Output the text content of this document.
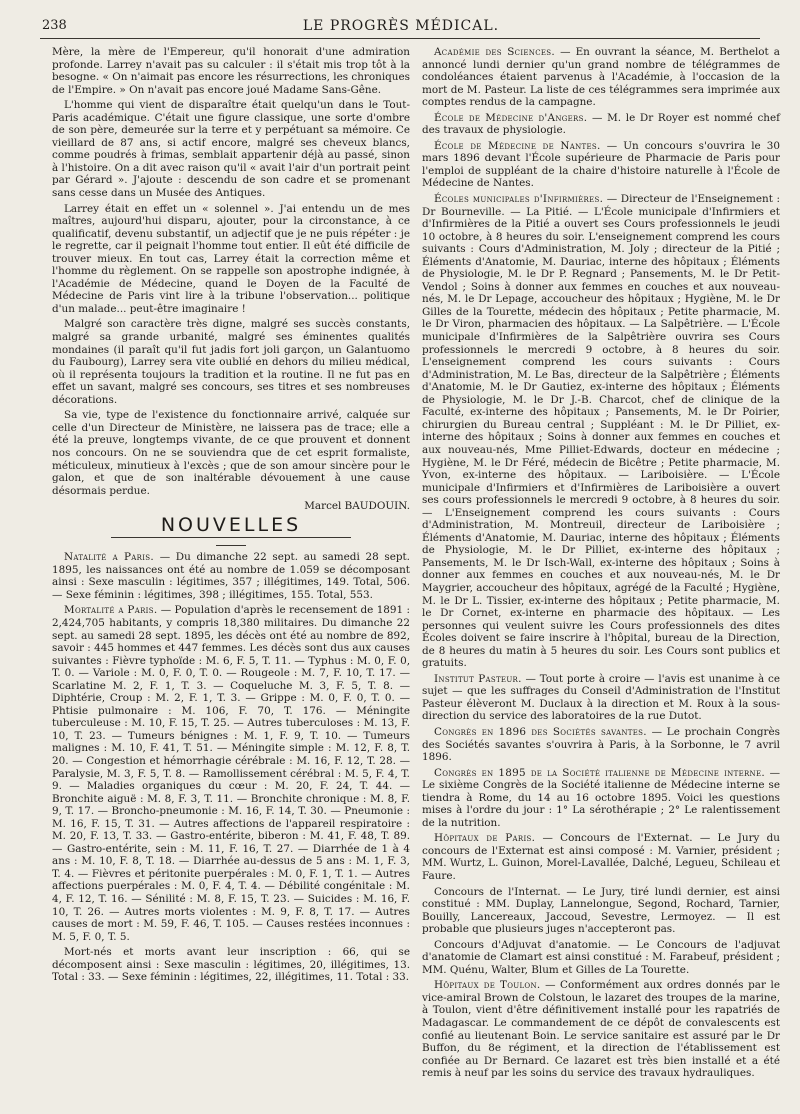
238	LE PROGRÈS MÉDICAL.

Mère, la mère de l'Empereur, qu'il honorait d'une admiration profonde. Larrey n'avait pas su calculer : il s'était mis trop tôt à la besogne. « On n'aimait pas encore les résurrections, les chroniques de l'Empire. » On n'avait pas encore joué Madame Sans-Gêne.

L'homme qui vient de disparaître était quelqu'un dans le Tout-Paris académique. C'était une figure classique, une sorte d'ombre de son père, demeurée sur la terre et y perpétuant sa mémoire. Ce vieillard de 87 ans, si actif encore, malgré ses cheveux blancs, comme poudrés à frimas, semblait appartenir déjà au passé, sinon à l'histoire. On a dit avec raison qu'il « avait l'air d'un portrait peint par Gérard ». J'ajoute : descendu de son cadre et se promenant sans cesse dans un Musée des Antiques.

Larrey était en effet un « solennel ». J'ai entendu un de mes maîtres, aujourd'hui disparu, ajouter, pour la circonstance, à ce qualificatif, devenu substantif, un adjectif que je ne puis répéter : je le regrette, car il peignait l'homme tout entier. Il eût été difficile de trouver mieux. En tout cas, Larrey était la correction même et l'homme du règlement. On se rappelle son apostrophe indignée, à l'Académie de Médecine, quand le Doyen de la Faculté de Médecine de Paris vint lire à la tribune l'observation... politique d'un malade... peut-être imaginaire !

Malgré son caractère très digne, malgré ses succès constants, malgré sa grande urbanité, malgré ses éminentes qualités mondaines (il paraît qu'il fut jadis fort joli garçon, un Galantuomo du Faubourg), Larrey sera vite oublié en dehors du milieu médical, où il représenta toujours la tradition et la routine. Il ne fut pas en effet un savant, malgré ses concours, ses titres et ses nombreuses décorations.

Sa vie, type de l'existence du fonctionnaire arrivé, calquée sur celle d'un Directeur de Ministère, ne laissera pas de trace; elle a été la preuve, longtemps vivante, de ce que prouvent et donnent nos concours. On ne se souviendra que de cet esprit formaliste, méticuleux, minutieux à l'excès ; que de son amour sincère pour le galon, et que de son inaltérable dévouement à une cause désormais perdue.

Marcel BAUDOUIN.

NOUVELLES

Natalité a Paris. — Du dimanche 22 sept. au samedi 28 sept. 1895, les naissances ont été au nombre de 1.059 se décomposant ainsi : Sexe masculin : légitimes, 357 ; illégitimes, 149. Total, 506. — Sexe féminin : légitimes, 398 ; illégitimes, 155. Total, 553.

Mortalité a Paris. — Population d'après le recensement de 1891 : 2,424,705 habitants, y compris 18,380 militaires. Du dimanche 22 sept. au samedi 28 sept. 1895, les décès ont été au nombre de 892, savoir : 445 hommes et 447 femmes. Les décès sont dus aux causes suivantes : Fièvre typhoïde : M. 6, F. 5, T. 11. — Typhus : M. 0, F. 0, T. 0. — Variole : M. 0, F. 0, T. 0. — Rougeole : M. 7, F. 10, T. 17. — Scarlatine M. 2, F. 1, T. 3. — Coqueluche M. 3, F. 5, T. 8. — Diphtérie, Croup : M. 2, F. 1, T. 3. — Grippe : M. 0, F. 0, T. 0. — Phtisie pulmonaire : M. 106, F. 70, T. 176. — Méningite tuberculeuse : M. 10, F. 15, T. 25. — Autres tuberculoses : M. 13, F. 10, T. 23. — Tumeurs bénignes : M. 1, F. 9, T. 10. — Tumeurs malignes : M. 10, F. 41, T. 51. — Méningite simple : M. 12, F. 8, T. 20. — Congestion et hémorrhagie cérébrale : M. 16, F. 12, T. 28. — Paralysie, M. 3, F. 5, T. 8. — Ramollissement cérébral : M. 5, F. 4, T. 9. — Maladies organiques du cœur : M. 20, F. 24, T. 44. — Bronchite aiguë : M. 8, F. 3, T. 11. — Bronchite chronique : M. 8, F. 9, T. 17. — Broncho-pneumonie : M. 16, F. 14, T. 30. — Pneumonie : M. 16, F. 15, T. 31. — Autres affections de l'appareil respiratoire : M. 20, F. 13, T. 33. — Gastro-entérite, biberon : M. 41, F. 48, T. 89. — Gastro-entérite, sein : M. 11, F. 16, T. 27. — Diarrhée de 1 à 4 ans : M. 10, F. 8, T. 18. — Diarrhée au-dessus de 5 ans : M. 1, F. 3, T. 4. — Fièvres et péritonite puerpérales : M. 0, F. 1, T. 1. — Autres affections puerpérales : M. 0, F. 4, T. 4. — Débilité congénitale : M. 4, F. 12, T. 16. — Sénilité : M. 8, F. 15, T. 23. — Suicides : M. 16, F. 10, T. 26. — Autres morts violentes : M. 9, F. 8, T. 17. — Autres causes de mort : M. 59, F. 46, T. 105. — Causes restées inconnues : M. 5, F. 0, T. 5.

Mort-nés et morts avant leur inscription : 66, qui se décomposent ainsi : Sexe masculin : légitimes, 20, illégitimes, 13. Total : 33. — Sexe féminin : légitimes, 22, illégitimes, 11. Total : 33.

Académie des Sciences. — En ouvrant la séance, M. Berthelot a annoncé lundi dernier qu'un grand nombre de télégrammes de condoléances étaient parvenus à l'Académie, à l'occasion de la mort de M. Pasteur. La liste de ces télégrammes sera imprimée aux comptes rendus de la campagne.

École de Médecine d'Angers. — M. le Dr Royer est nommé chef des travaux de physiologie.

École de Médecine de Nantes. — Un concours s'ouvrira le 30 mars 1896 devant l'École supérieure de Pharmacie de Paris pour l'emploi de suppléant de la chaire d'histoire naturelle à l'École de Médecine de Nantes.

Écoles municipales d'Infirmières. — Directeur de l'Enseignement : Dr Bourneville. — La Pitié. — L'École municipale d'Infirmiers et d'Infirmières de la Pitié a ouvert ses Cours professionnels le jeudi 10 octobre, à 8 heures du soir. L'enseignement comprend les cours suivants : Cours d'Administration, M. Joly ; directeur de la Pitié ; Éléments d'Anatomie, M. Dauriac, interne des hôpitaux ; Éléments de Physiologie, M. le Dr P. Regnard ; Pansements, M. le Dr Petit-Vendol ; Soins à donner aux femmes en couches et aux nouveau-nés, M. le Dr Lepage, accoucheur des hôpitaux ; Hygiène, M. le Dr Gilles de la Tourette, médecin des hôpitaux ; Petite pharmacie, M. le Dr Viron, pharmacien des hôpitaux. — La Salpêtrière. — L'École municipale d'Infirmières de la Salpêtrière ouvrira ses Cours professionnels le mercredi 9 octobre, à 8 heures du soir. L'enseignement comprend les cours suivants : Cours d'Administration, M. Le Bas, directeur de la Salpêtrière ; Éléments d'Anatomie, M. le Dr Gautiez, ex-interne des hôpitaux ; Éléments de Physiologie, M. le Dr J.-B. Charcot, chef de clinique de la Faculté, ex-interne des hôpitaux ; Pansements, M. le Dr Poirier, chirurgien du Bureau central ; Suppléant : M. le Dr Pilliet, ex-interne des hôpitaux ; Soins à donner aux femmes en couches et aux nouveau-nés, Mme Pilliet-Edwards, docteur en médecine ; Hygiène, M. le Dr Féré, médecin de Bicêtre ; Petite pharmacie, M. Yvon, ex-interne des hôpitaux. — Lariboisière. — L'École municipale d'Infirmiers et d'Infirmières de Lariboisière a ouvert ses cours professionnels le mercredi 9 octobre, à 8 heures du soir. — L'Enseignement comprend les cours suivants : Cours d'Administration, M. Montreuil, directeur de Lariboisière ; Éléments d'Anatomie, M. Dauriac, interne des hôpitaux ; Éléments de Physiologie, M. le Dr Pilliet, ex-interne des hôpitaux ; Pansements, M. le Dr Isch-Wall, ex-interne des hôpitaux ; Soins à donner aux femmes en couches et aux nouveau-nés, M. le Dr Maygrier, accoucheur des hôpitaux, agrégé de la Faculté ; Hygiène, M. le Dr L. Tissier, ex-interne des hôpitaux ; Petite pharmacie, M. le Dr Cornet, ex-interne en pharmacie des hôpitaux. — Les personnes qui veulent suivre les Cours professionnels des dites Écoles doivent se faire inscrire à l'hôpital, bureau de la Direction, de 8 heures du matin à 5 heures du soir. Les Cours sont publics et gratuits.

Institut Pasteur. — Tout porte à croire — l'avis est unanime à ce sujet — que les suffrages du Conseil d'Administration de l'Institut Pasteur élèveront M. Duclaux à la direction et M. Roux à la sous-direction du service des laboratoires de la rue Dutot.

Congrès en 1896 des Sociétés savantes. — Le prochain Congrès des Sociétés savantes s'ouvrira à Paris, à la Sorbonne, le 7 avril 1896.

Congrès en 1895 de la Société italienne de Médecine interne. — Le sixième Congrès de la Société italienne de Médecine interne se tiendra à Rome, du 14 au 16 octobre 1895. Voici les questions mises à l'ordre du jour : 1° La sérothérapie ; 2° Le ralentissement de la nutrition.

Hôpitaux de Paris. — Concours de l'Externat. — Le Jury du concours de l'Externat est ainsi composé : M. Varnier, président ; MM. Wurtz, L. Guinon, Morel-Lavallée, Dalché, Legueu, Schileau et Faure.

Concours de l'Internat. — Le Jury, tiré lundi dernier, est ainsi constitué : MM. Duplay, Lannelongue, Segond, Rochard, Tarnier, Bouilly, Lancereaux, Jaccoud, Sevestre, Lermoyez. — Il est probable que plusieurs juges n'accepteront pas.

Concours d'Adjuvat d'anatomie. — Le Concours de l'adjuvat d'anatomie de Clamart est ainsi constitué : M. Farabeuf, président ; MM. Quénu, Walter, Blum et Gilles de La Tourette.

Hôpitaux de Toulon. — Conformément aux ordres donnés par le vice-amiral Brown de Colstoun, le lazaret des troupes de la marine, à Toulon, vient d'être définitivement installé pour les rapatriés de Madagascar. Le commandement de ce dépôt de convalescents est confié au lieutenant Boin. Le service sanitaire est assuré par le Dr Buffon, du 8e régiment, et la direction de l'établissement est confiée au Dr Bernard. Ce lazaret est très bien installé et a été remis à neuf par les soins du service des travaux hydrauliques.
